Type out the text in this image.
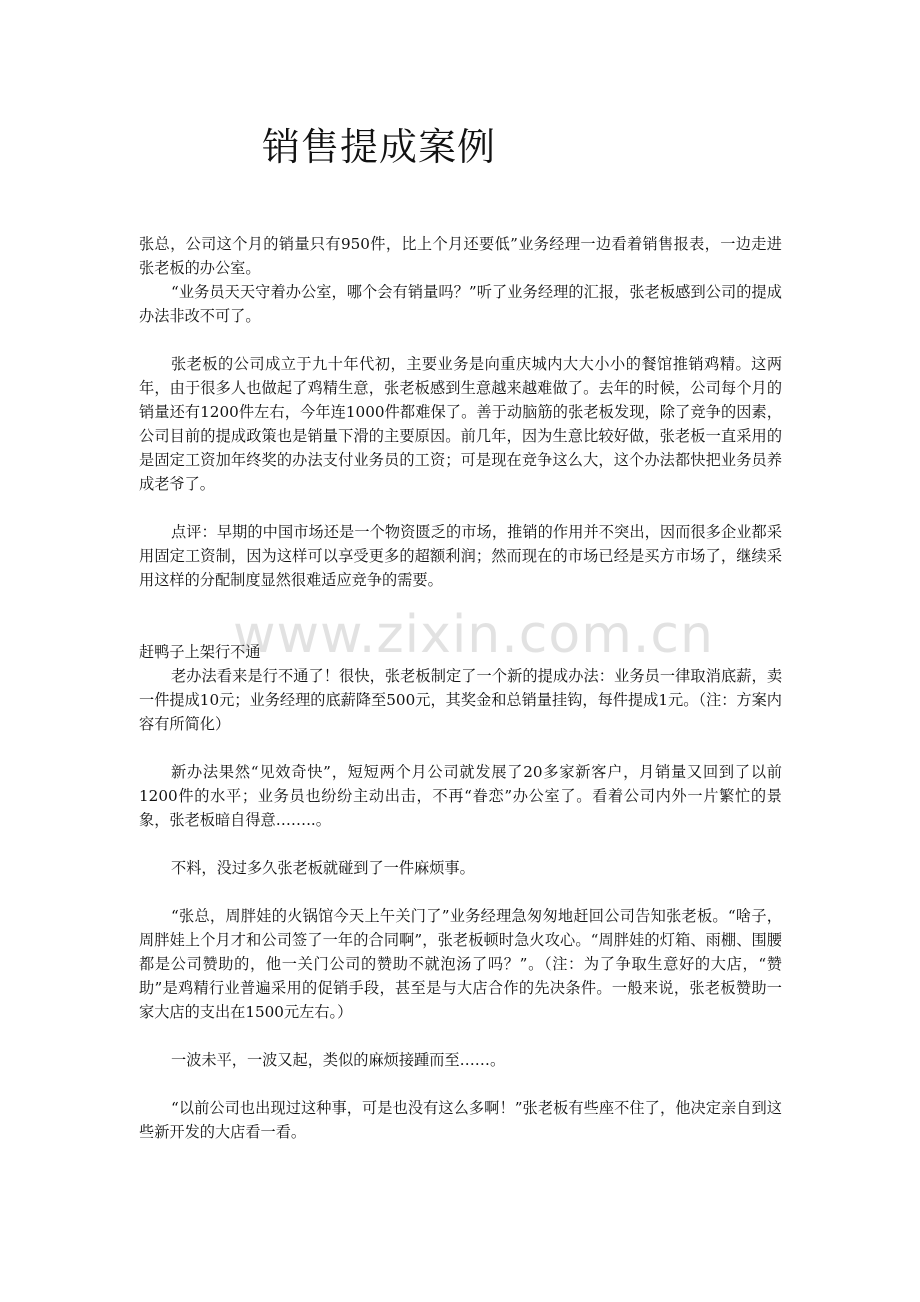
销售提成案例

张总，公司这个月的销量只有950件，比上个月还要低”业务经理一边看着销售报表，一边走进张老板的办公室。

“业务员天天守着办公室，哪个会有销量吗？”听了业务经理的汇报，张老板感到公司的提成办法非改不可了。

张老板的公司成立于九十年代初，主要业务是向重庆城内大大小小的餐馆推销鸡精。这两年，由于很多人也做起了鸡精生意，张老板感到生意越来越难做了。去年的时候，公司每个月的销量还有1200件左右，今年连1000件都难保了。善于动脑筋的张老板发现，除了竞争的因素，公司目前的提成政策也是销量下滑的主要原因。前几年，因为生意比较好做，张老板一直采用的是固定工资加年终奖的办法支付业务员的工资；可是现在竞争这么大，这个办法都快把业务员养成老爷了。

点评：早期的中国市场还是一个物资匮乏的市场，推销的作用并不突出，因而很多企业都采用固定工资制，因为这样可以享受更多的超额利润；然而现在的市场已经是买方市场了，继续采用这样的分配制度显然很难适应竞争的需要。

赶鸭子上架行不通

老办法看来是行不通了！很快，张老板制定了一个新的提成办法：业务员一律取消底薪，卖一件提成10元；业务经理的底薪降至500元，其奖金和总销量挂钩，每件提成1元。（注：方案内容有所简化）

新办法果然“见效奇快”，短短两个月公司就发展了20多家新客户，月销量又回到了以前1200件的水平；业务员也纷纷主动出击，不再“眷恋”办公室了。看着公司内外一片繁忙的景象，张老板暗自得意……..。

不料，没过多久张老板就碰到了一件麻烦事。

“张总，周胖娃的火锅馆今天上午关门了”业务经理急匆匆地赶回公司告知张老板。“啥子，周胖娃上个月才和公司签了一年的合同啊”，张老板顿时急火攻心。“周胖娃的灯箱、雨棚、围腰都是公司赞助的，他一关门公司的赞助不就泡汤了吗？”。（注：为了争取生意好的大店，“赞助”是鸡精行业普遍采用的促销手段，甚至是与大店合作的先决条件。一般来说，张老板赞助一家大店的支出在1500元左右。）

一波未平，一波又起，类似的麻烦接踵而至……。

“以前公司也出现过这种事，可是也没有这么多啊！”张老板有些座不住了，他决定亲自到这些新开发的大店看一看。

www.zixin.com.cn
